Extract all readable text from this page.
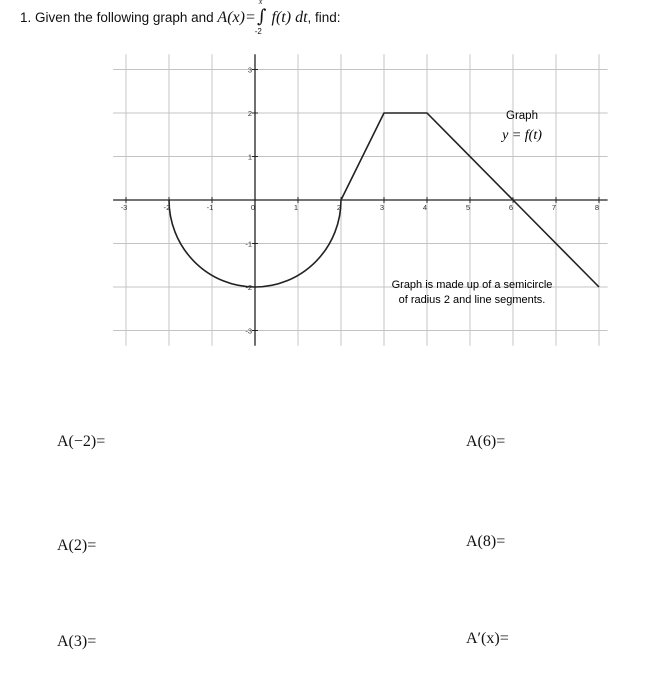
1. Given the following graph and A(x)=
x
∫
-2
f(t) dt, find:
-3	-2	-1	0	1	2	3	4	5	6	7	8
3
2
1
-1
-2
-3
Graph
y = f(t)
Graph is made up of a semicircle
of radius 2 and line segments.
A(−2)=	A(6)=
A(2)=	A(8)=
A(3)=	A′(x)=
